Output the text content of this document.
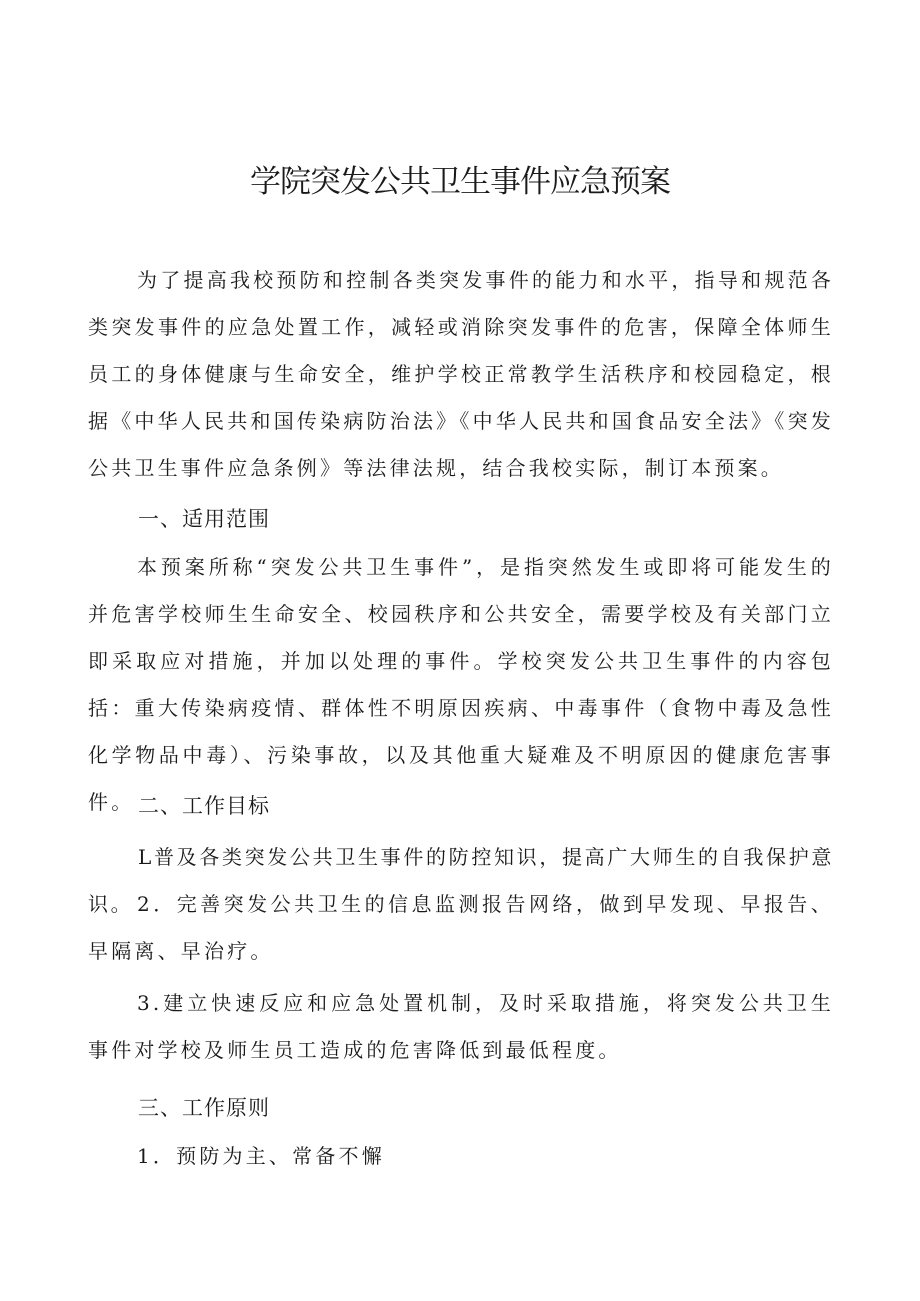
学院突发公共卫生事件应急预案

为了提高我校预防和控制各类突发事件的能力和水平，指导和规范各类突发事件的应急处置工作，减轻或消除突发事件的危害，保障全体师生员工的身体健康与生命安全，维护学校正常教学生活秩序和校园稳定，根据《中华人民共和国传染病防治法》《中华人民共和国食品安全法》《突发公共卫生事件应急条例》等法律法规，结合我校实际，制订本预案。

一、适用范围

本预案所称“突发公共卫生事件”，是指突然发生或即将可能发生的并危害学校师生生命安全、校园秩序和公共安全，需要学校及有关部门立即采取应对措施，并加以处理的事件。学校突发公共卫生事件的内容包括：重大传染病疫情、群体性不明原因疾病、中毒事件（食物中毒及急性化学物品中毒）、污染事故，以及其他重大疑难及不明原因的健康危害事件。 二、工作目标

L普及各类突发公共卫生事件的防控知识，提高广大师生的自我保护意识。 2．完善突发公共卫生的信息监测报告网络，做到早发现、早报告、早隔离、早治疗。

3.建立快速反应和应急处置机制，及时采取措施，将突发公共卫生事件对学校及师生员工造成的危害降低到最低程度。

三、工作原则

1．预防为主、常备不懈
